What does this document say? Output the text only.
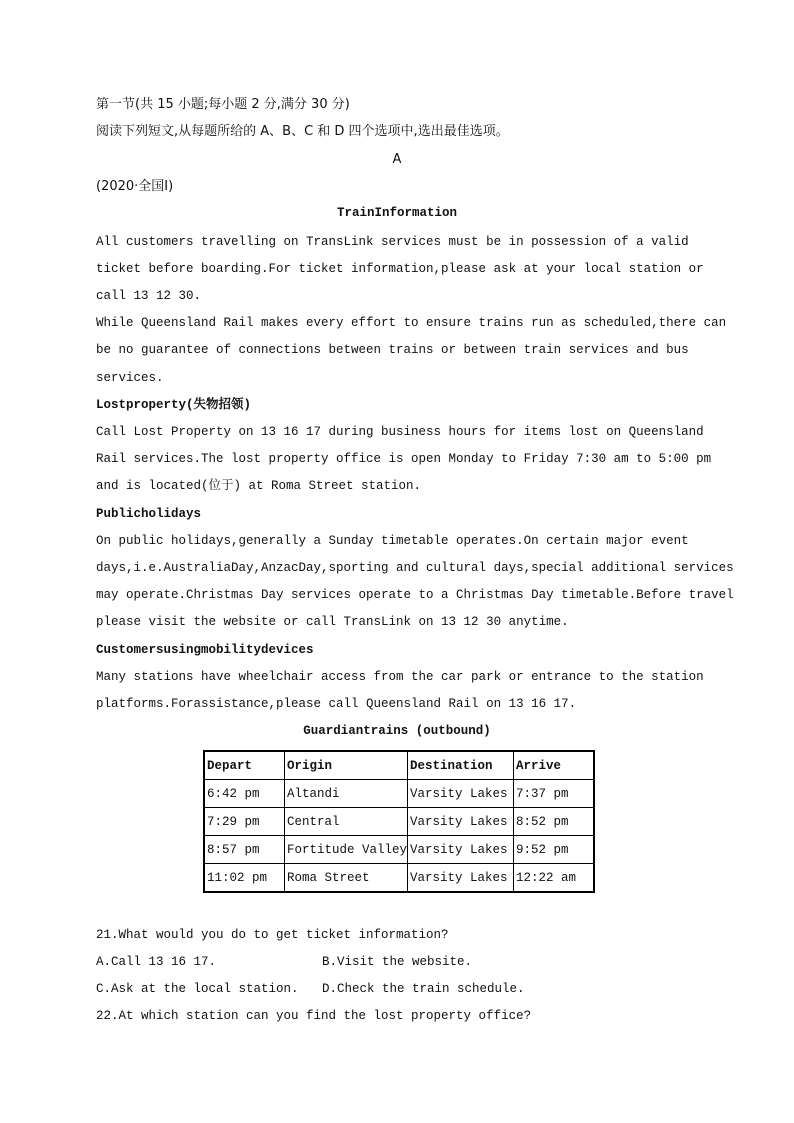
第一节(共 15 小题;每小题 2 分,满分 30 分)
阅读下列短文,从每题所给的 A、B、C 和 D 四个选项中,选出最佳选项。
A
(2020·全国Ⅰ)
TrainInformation
All customers travelling on TransLink services must be in possession of a valid
ticket before boarding.For ticket information,please ask at your local station or
call 13 12 30.
While Queensland Rail makes every effort to ensure trains run as scheduled,there can
be no guarantee of connections between trains or between train services and bus
services.
Lostproperty(失物招领)
Call Lost Property on 13 16 17 during business hours for items lost on Queensland
Rail services.The lost property office is open Monday to Friday 7:30 am to 5:00 pm
and is located(位于) at Roma Street station.
Publicholidays
On public holidays,generally a Sunday timetable operates.On certain major event
days,i.e.AustraliaDay,AnzacDay,sporting and cultural days,special additional services
may operate.Christmas Day services operate to a Christmas Day timetable.Before travel
please visit the website or call TransLink on 13 12 30 anytime.
Customersusingmobilitydevices
Many stations have wheelchair access from the car park or entrance to the station
platforms.Forassistance,please call Queensland Rail on 13 16 17.
Guardiantrains (outbound)
Depart	Origin	Destination	Arrive
6:42 pm	Altandi	Varsity Lakes	7:37 pm
7:29 pm	Central	Varsity Lakes	8:52 pm
8:57 pm	Fortitude Valley	Varsity Lakes	9:52 pm
11:02 pm	Roma Street	Varsity Lakes	12:22 am
21.What would you do to get ticket information?
A.Call 13 16 17.	B.Visit the website.
C.Ask at the local station. D.Check the train schedule.
22.At which station can you find the lost property office?
